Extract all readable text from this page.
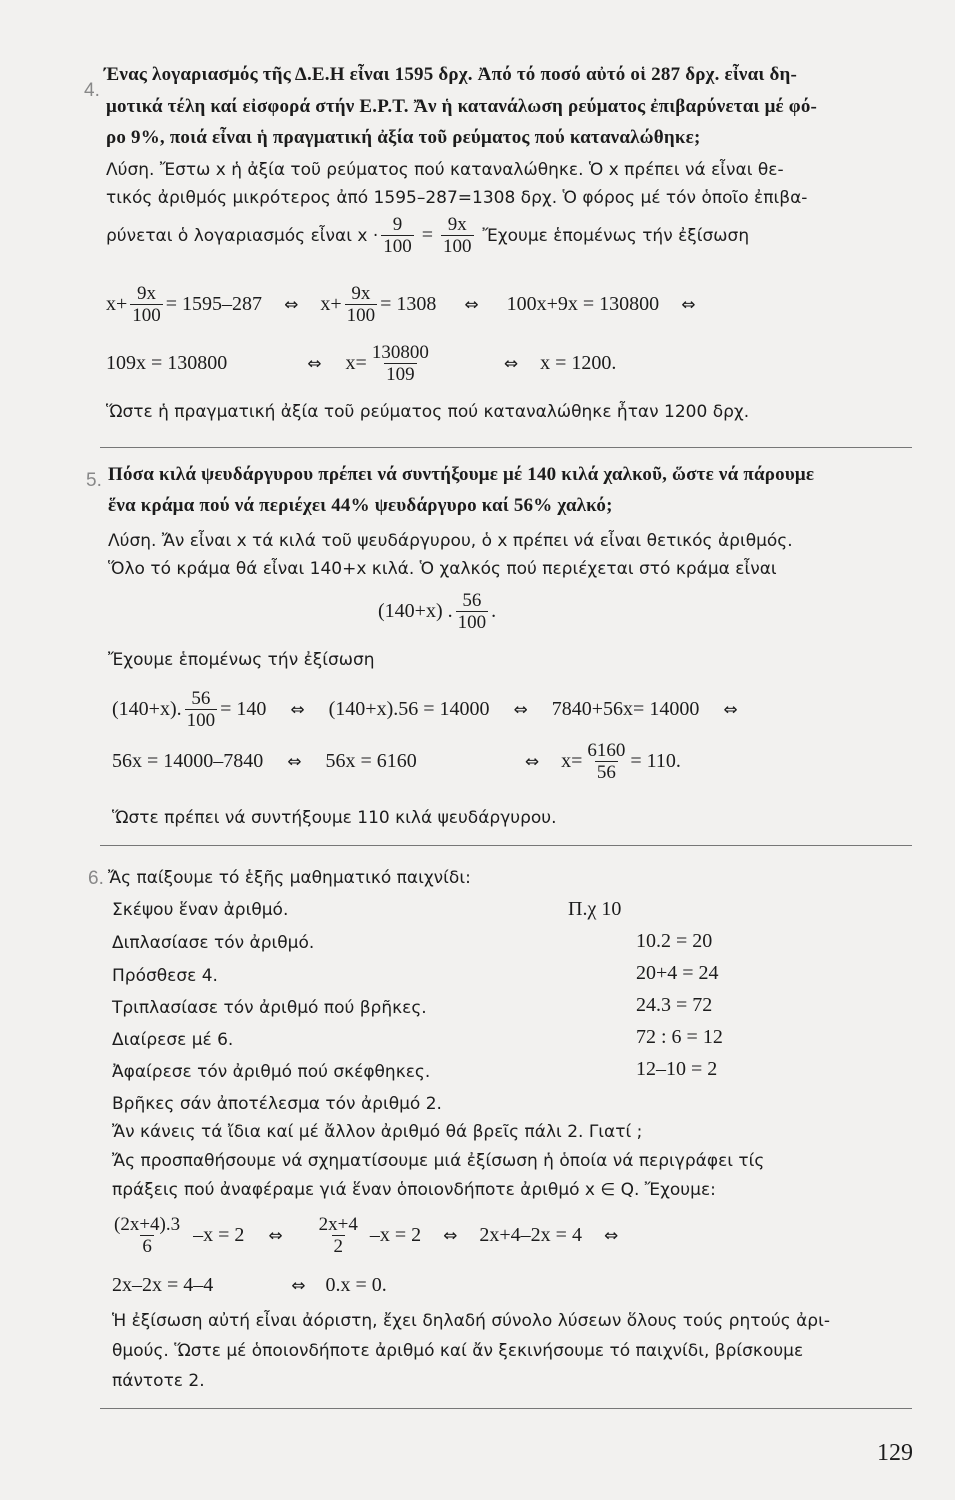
4.
Ένας λογαριασμός τῆς Δ.Ε.Η εἶναι 1595 δρχ. Ἀπό τό ποσό αὐτό οἱ 287 δρχ. εἶναι δη-
μοτικά τέλη καί εἰσφορά στήν Ε.Ρ.Τ. Ἄν ἡ κατανάλωση ρεύματος ἐπιβαρύνεται μέ φό-
ρο 9%, ποιά εἶναι ἡ πραγματική ἀξία τοῦ ρεύματος πού καταναλώθηκε;
Λύση. Ἔστω x ἡ ἀξία τοῦ ρεύματος πού καταναλώθηκε. Ὁ x πρέπει νά εἶναι θε-
τικός ἀριθμός μικρότερος ἀπό 1595–287=1308 δρχ. Ὁ φόρος μέ τόν ὁποῖο ἐπιβα-
ρύνεται ὁ λογαριασμός εἶναι $x \cdot \frac{9}{100} = \frac{9x}{100}$ Ἔχουμε ἑπομένως τήν ἐξίσωση
$x+ \frac{9x}{100} = 1595-287$ ⇔ $x+ \frac{9x}{100} = 1308$ ⇔ 100x+9x = 130800 ⇔
109x = 130800	⇔ $x= \frac{130800}{109}$	⇔ x = 1200.
Ὥστε ἡ πραγματική ἀξία τοῦ ρεύματος πού καταναλώθηκε ἦταν 1200 δρχ.
5. Πόσα κιλά ψευδάργυρου πρέπει νά συντήξουμε μέ 140 κιλά χαλκοῦ, ὥστε νά πάρουμε
ἕνα κράμα πού νά περιέχει 44% ψευδάργυρο καί 56% χαλκό;
Λύση. Ἄν εἶναι x τά κιλά τοῦ ψευδάργυρου, ὁ x πρέπει νά εἶναι θετικός ἀριθμός.
Ὅλο τό κράμα θά εἶναι 140+x κιλά. Ὁ χαλκός πού περιέχεται στό κράμα εἶναι
(140+x) . $\frac{56}{100}$ .
Ἔχουμε ἑπομένως τήν ἐξίσωση
(140+x). $\frac{56}{100} = 140$ ⇔ (140+x).56 = 14000 ⇔ 7840+56x= 14000 ⇔
56x = 14000–7840 ⇔ 56x = 6160	⇔ $x= \frac{6160}{56} = 110$.
Ὥστε πρέπει νά συντήξουμε 110 κιλά ψευδάργυρου.
6. Ἄς παίξουμε τό ἑξῆς μαθηματικό παιχνίδι:
Σκέψου ἕναν ἀριθμό.	Π.χ 10
Διπλασίασε τόν ἀριθμό.	10.2 = 20
Πρόσθεσε 4.	20+4 = 24
Τριπλασίασε τόν ἀριθμό πού βρῆκες.	24.3 = 72
Διαίρεσε μέ 6.	72 : 6 = 12
Ἀφαίρεσε τόν ἀριθμό πού σκέφθηκες.	12–10 = 2
Βρῆκες σάν ἀποτέλεσμα τόν ἀριθμό 2.
Ἄν κάνεις τά ἴδια καί μέ ἄλλον ἀριθμό θά βρεῖς πάλι 2. Γιατί ;
Ἄς προσπαθήσουμε νά σχηματίσουμε μιά ἐξίσωση ἡ ὁποία νά περιγράφει τίς
πράξεις πού ἀναφέραμε γιά ἕναν ὁποιονδήποτε ἀριθμό x ∈ Q. Ἔχουμε:
$\frac{(2x+4).3}{6} -x = 2$ ⇔ $\frac{2x+4}{2} -x = 2$ ⇔ 2x+4–2x = 4 ⇔
2x–2x = 4–4	⇔ 0.x = 0.
Ἡ ἐξίσωση αὐτή εἶναι ἀόριστη, ἔχει δηλαδή σύνολο λύσεων ὅλους τούς ρητούς ἀρι-
θμούς. Ὥστε μέ ὁποιονδήποτε ἀριθμό καί ἄν ξεκινήσουμε τό παιχνίδι, βρίσκουμε
πάντοτε 2.
129
